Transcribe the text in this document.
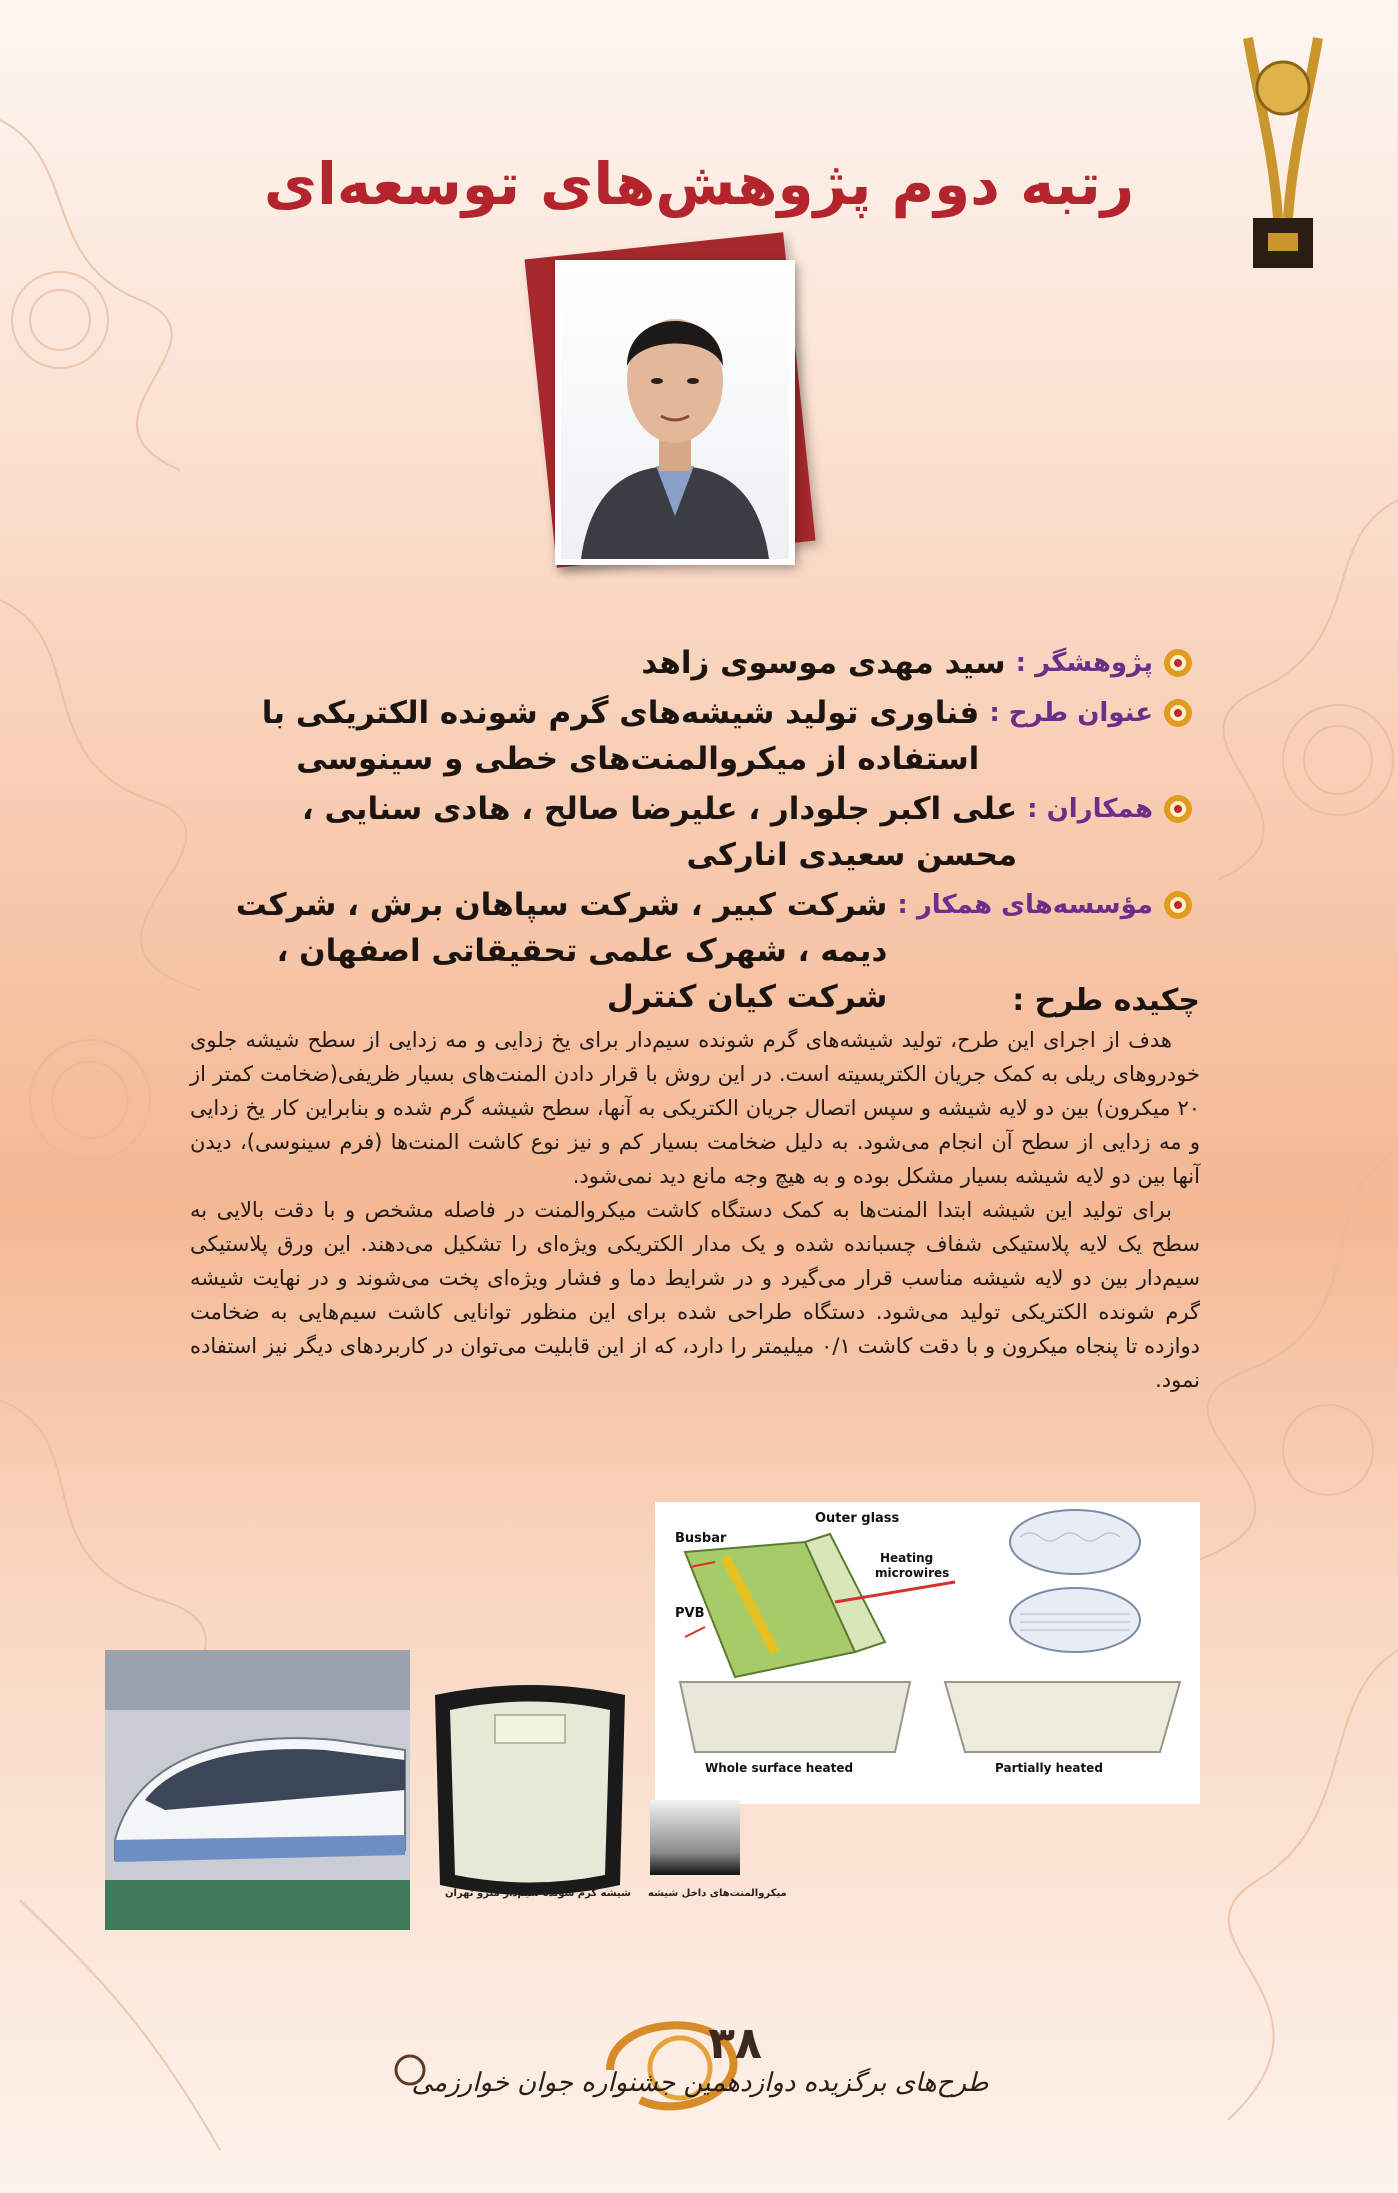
رتبه دوم پژوهش‌های توسعه‌ای
پژوهشگر :
سید مهدی موسوی زاهد
عنوان طرح :
فناوری تولید شیشه‌های گرم شونده الکتریکی با استفاده از میکروالمنت‌های خطی و سینوسی
همکاران :
علی اکبر جلودار ، علیرضا صالح ، هادی سنایی ، محسن سعیدی انارکی
مؤسسه‌های همکار :
شرکت کبیر ، شرکت سپاهان برش ، شرکت دیمه ، شهرک علمی تحقیقاتی اصفهان ، شرکت کیان کنترل	چکیده طرح :

هدف از اجرای این طرح، تولید شیشه‌های گرم شونده سیم‌دار برای یخ زدایی و مه زدایی از سطح شیشه جلوی خودروهای ریلی به کمک جریان الکتریسیته است. در این روش با قرار دادن المنت‌های بسیار ظریفی(ضخامت کمتر از ۲۰ میکرون) بین دو لایه شیشه و سپس اتصال جریان الکتریکی به آنها، سطح شیشه گرم شده و بنابراین کار یخ زدایی و مه زدایی از سطح آن انجام می‌شود. به دلیل ضخامت بسیار کم و نیز نوع کاشت المنت‌ها (فرم سینوسی)، دیدن آنها بین دو لایه شیشه بسیار مشکل بوده و به هیچ وجه مانع دید نمی‌شود.

برای تولید این شیشه ابتدا المنت‌ها به کمک دستگاه کاشت میکروالمنت در فاصله مشخص و با دقت بالایی به سطح یک لایه پلاستیکی شفاف چسبانده شده و یک مدار الکتریکی ویژه‌ای را تشکیل می‌دهند. این ورق پلاستیکی سیم‌دار بین دو لایه شیشه مناسب قرار می‌گیرد و در شرایط دما و فشار ویژه‌ای پخت می‌شوند و در نهایت شیشه گرم شونده الکتریکی تولید می‌شود. دستگاه طراحی شده برای این منظور توانایی کاشت سیم‌هایی به ضخامت دوازده تا پنجاه میکرون و با دقت کاشت ۰/۱ میلیمتر را دارد، که از این قابلیت می‌توان در کاربردهای دیگر نیز استفاده نمود.

Busbar
Outer glass
Heating
microwires
PVB
Whole surface heated	Partially heated
شیشه گرم شونده سیم‌دار مترو تهران میکروالمنت‌های داخل شیشه
۳۸
طرح‌های برگزیده دوازدهمین جشنواره جوان خوارزمی
